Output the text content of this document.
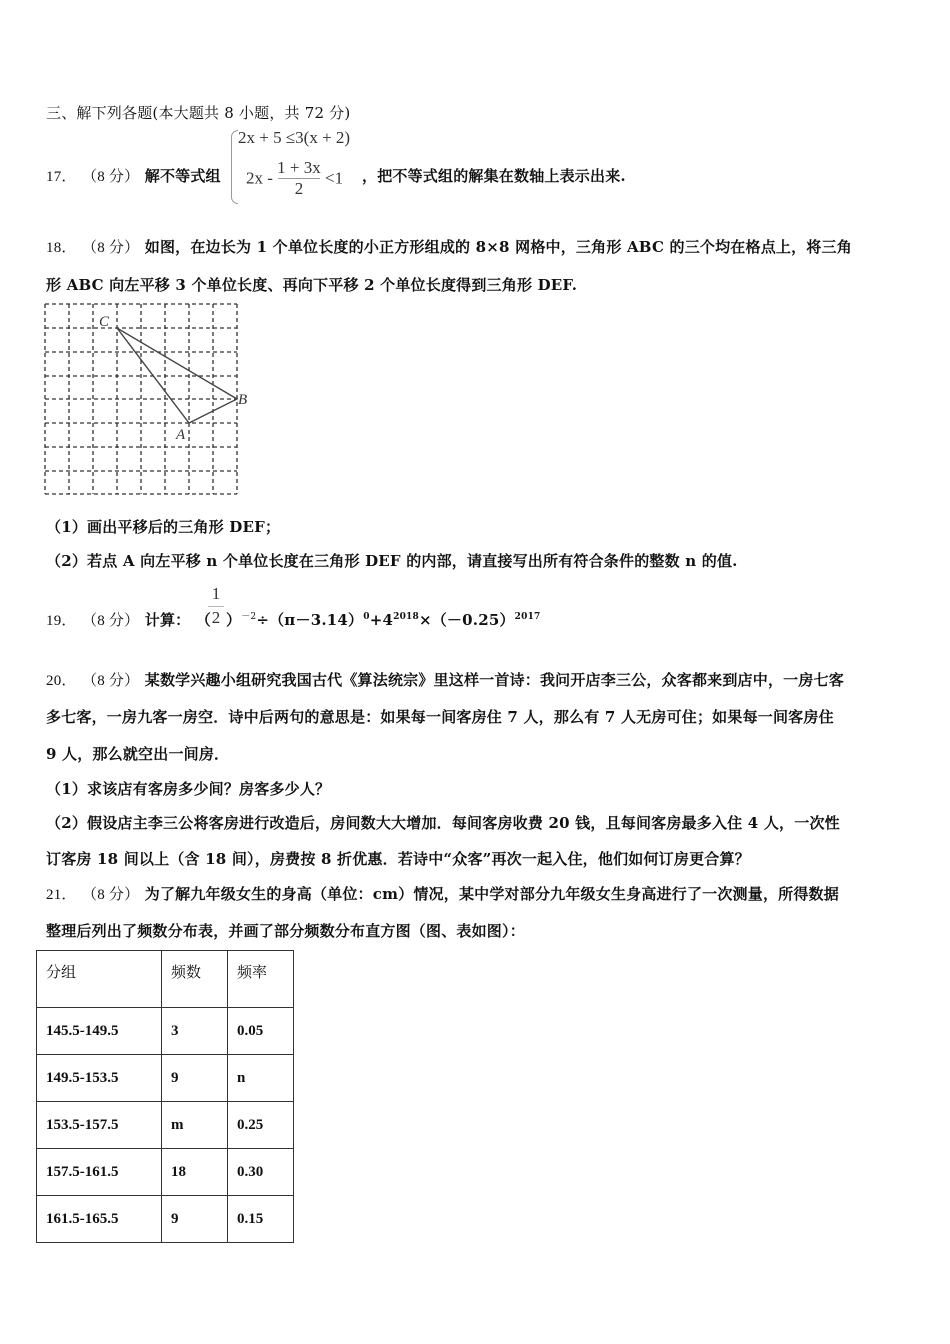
三、解下列各题(本大题共 8 小题，共 72 分)
17． （8 分） 解不等式组
2x + 5 ≤3(x + 2)
$2x - \frac{1 + 3x}{2} <1$ ，把不等式组的解集在数轴上表示出来.
18． （8 分） 如图，在边长为 1 个单位长度的小正方形组成的 8×8 网格中，三角形 ABC 的三个均在格点上，将三角
形 ABC 向左平移 3 个单位长度、再向下平移 2 个单位长度得到三角形 DEF.
C
B
A
（1）画出平移后的三角形 DEF；
（2）若点 A 向左平移 n 个单位长度在三角形 DEF 的内部，请直接写出所有符合条件的整数 n 的值.
19． （8 分） 计算： （
1
2 ）$^{-2}\div(\pi-3.14)^0+4^{2018}\times(-0.25)^{2017}$
20． （8 分） 某数学兴趣小组研究我国古代《算法统宗》里这样一首诗：我问开店李三公，众客都来到店中，一房七客
多七客，一房九客一房空．诗中后两句的意思是：如果每一间客房住 7 人，那么有 7 人无房可住；如果每一间客房住
9 人，那么就空出一间房．
（1）求该店有客房多少间？房客多少人？
（2）假设店主李三公将客房进行改造后，房间数大大增加．每间客房收费 20 钱，且每间客房最多入住 4 人，一次性
订客房 18 间以上（含 18 间），房费按 8 折优惠．若诗中“众客”再次一起入住，他们如何订房更合算？
21． （8 分） 为了解九年级女生的身高（单位：cm）情况，某中学对部分九年级女生身高进行了一次测量，所得数据
整理后列出了频数分布表，并画了部分频数分布直方图（图、表如图）：
分组	频数	频率
145.5-149.5	3	0.05
149.5-153.5	9	n
153.5-157.5	m	0.25
157.5-161.5	18	0.30
161.5-165.5	9	0.15
